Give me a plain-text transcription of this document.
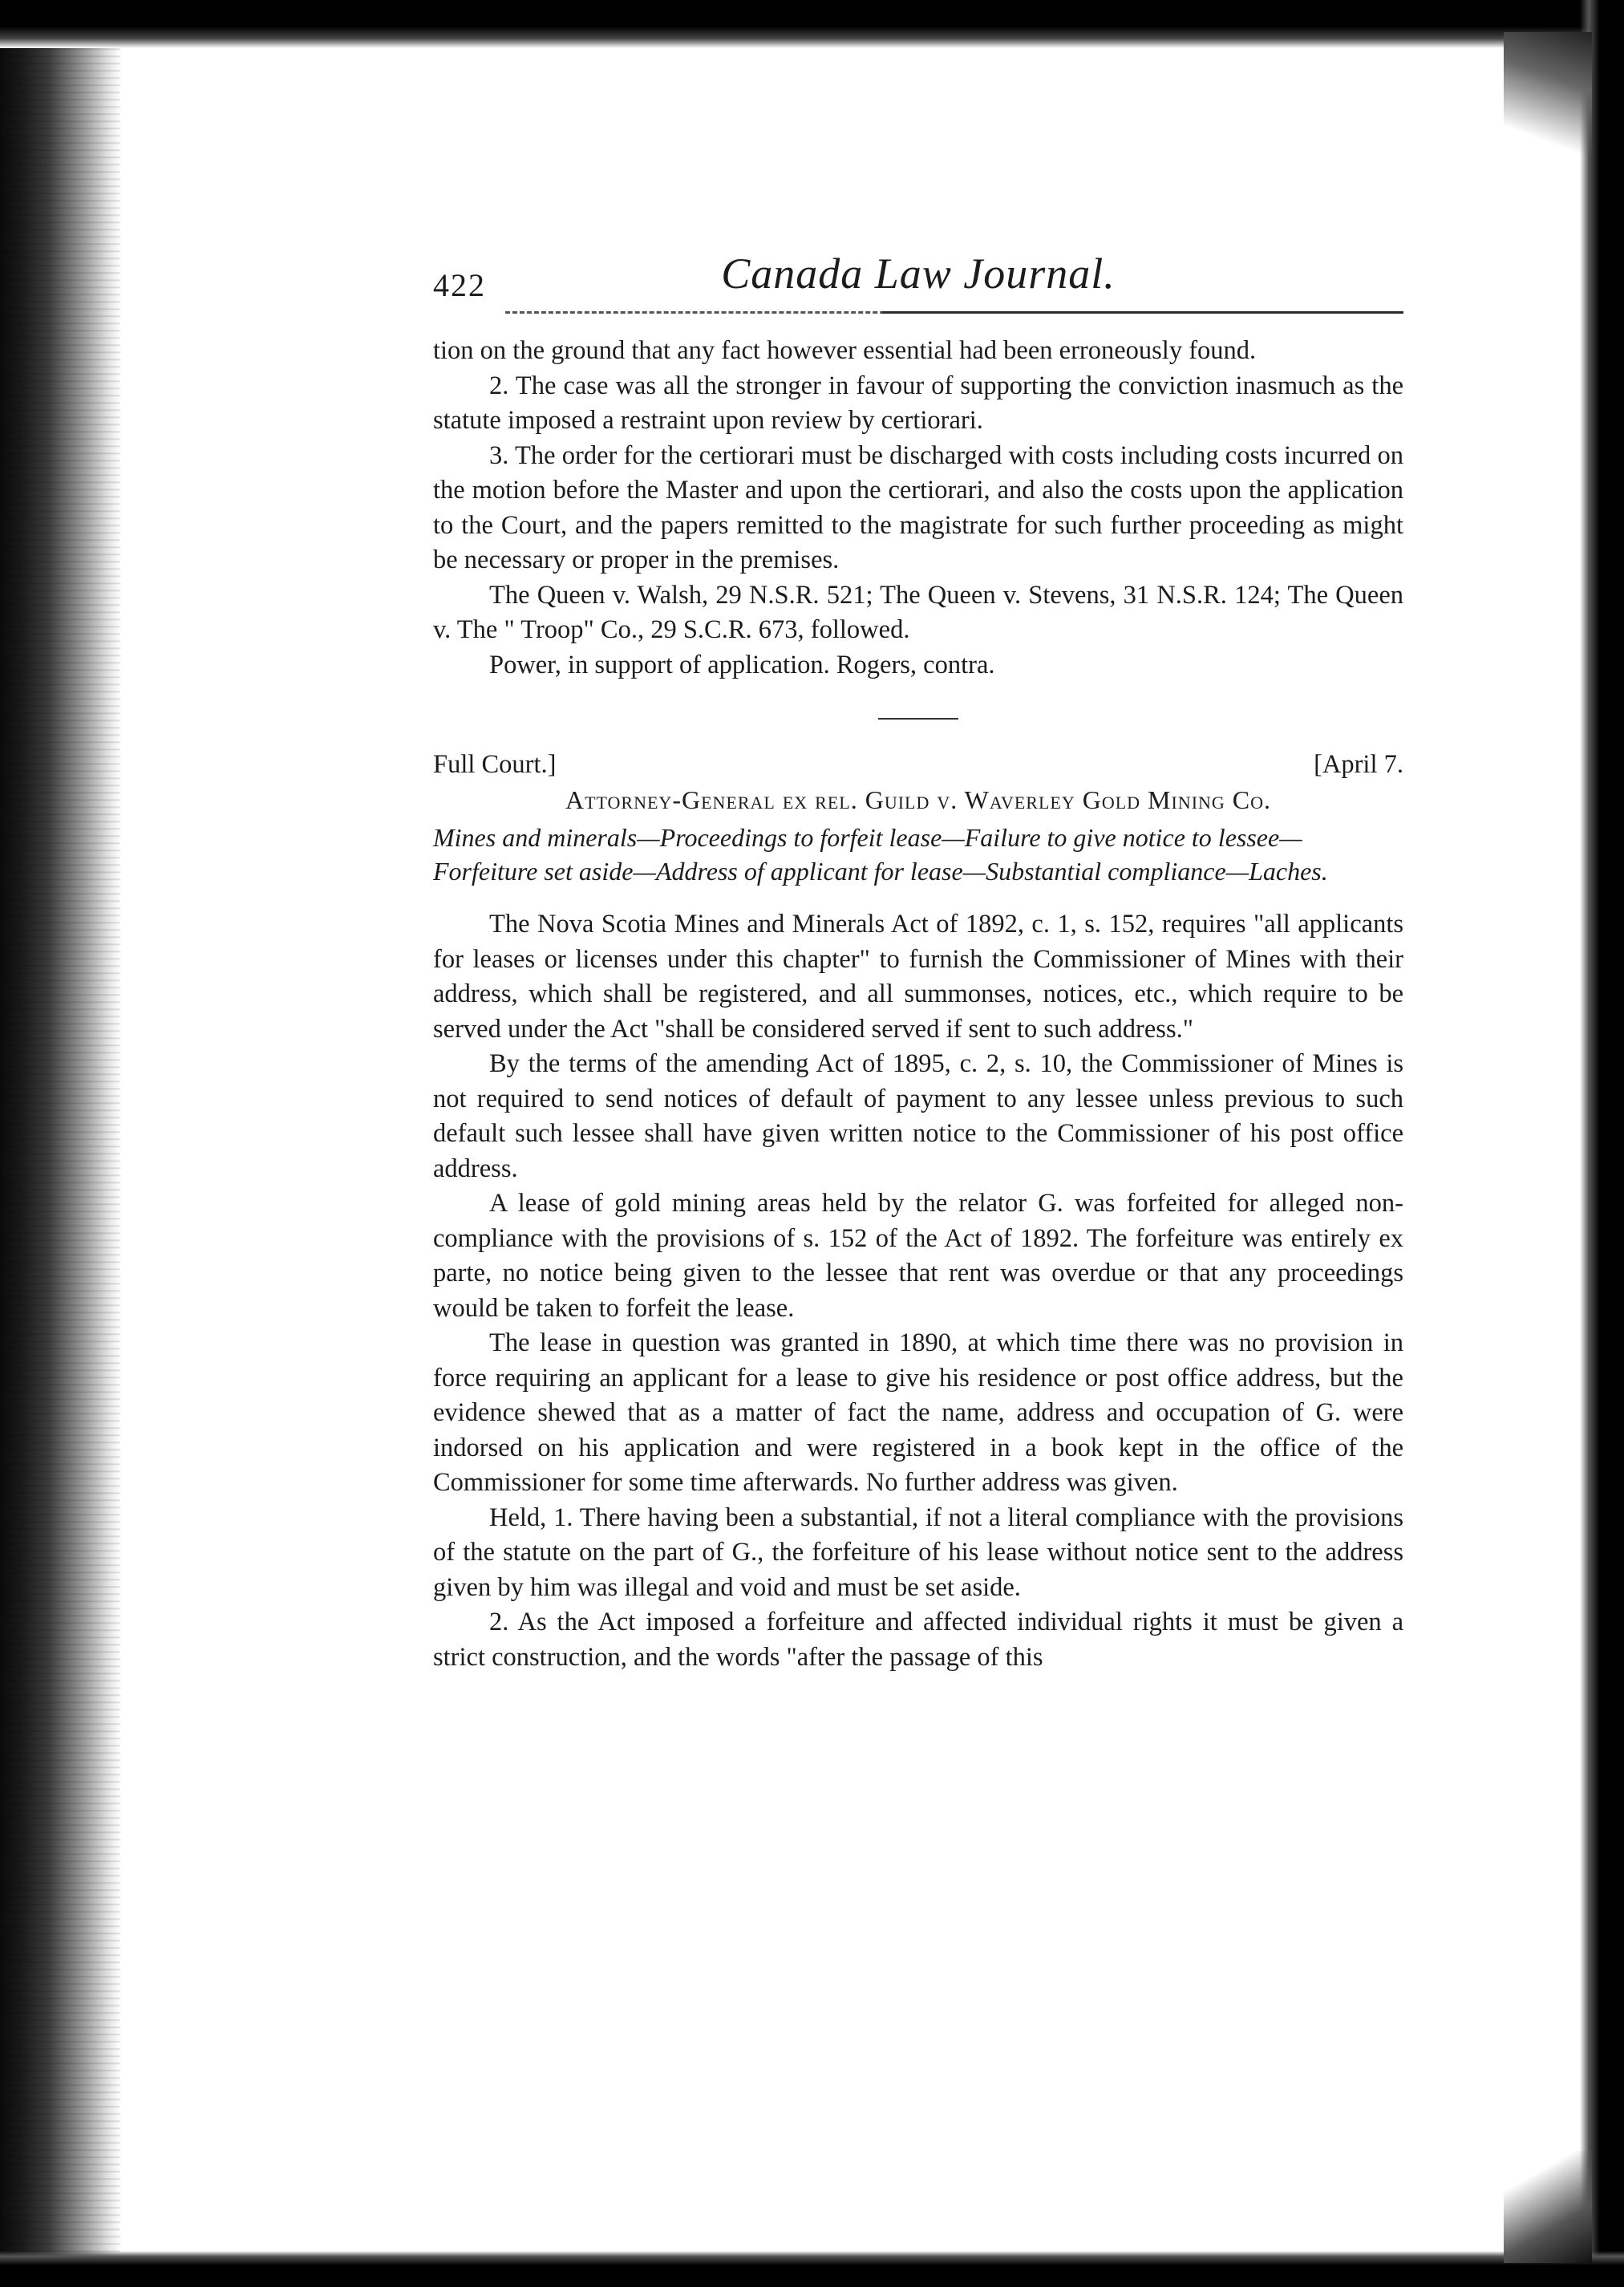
422	Canada Law Journal.

tion on the ground that any fact however essential had been erroneously found.

2. The case was all the stronger in favour of supporting the conviction inasmuch as the statute imposed a restraint upon review by certiorari.

3. The order for the certiorari must be discharged with costs including costs incurred on the motion before the Master and upon the certiorari, and also the costs upon the application to the Court, and the papers remitted to the magistrate for such further proceeding as might be necessary or proper in the premises.

The Queen v. Walsh, 29 N.S.R. 521; The Queen v. Stevens, 31 N.S.R. 124; The Queen v. The " Troop" Co., 29 S.C.R. 673, followed.

Power, in support of application. Rogers, contra.

Full Court.]	[April 7.
Attorney-General ex rel. Guild v. Waverley Gold Mining Co.

Mines and minerals—Proceedings to forfeit lease—Failure to give notice to lessee—Forfeiture set aside—Address of applicant for lease—Substantial compliance—Laches.

The Nova Scotia Mines and Minerals Act of 1892, c. 1, s. 152, requires "all applicants for leases or licenses under this chapter" to furnish the Commissioner of Mines with their address, which shall be registered, and all summonses, notices, etc., which require to be served under the Act "shall be considered served if sent to such address."

By the terms of the amending Act of 1895, c. 2, s. 10, the Commissioner of Mines is not required to send notices of default of payment to any lessee unless previous to such default such lessee shall have given written notice to the Commissioner of his post office address.

A lease of gold mining areas held by the relator G. was forfeited for alleged non-compliance with the provisions of s. 152 of the Act of 1892. The forfeiture was entirely ex parte, no notice being given to the lessee that rent was overdue or that any proceedings would be taken to forfeit the lease.

The lease in question was granted in 1890, at which time there was no provision in force requiring an applicant for a lease to give his residence or post office address, but the evidence shewed that as a matter of fact the name, address and occupation of G. were indorsed on his application and were registered in a book kept in the office of the Commissioner for some time afterwards. No further address was given.

Held, 1. There having been a substantial, if not a literal compliance with the provisions of the statute on the part of G., the forfeiture of his lease without notice sent to the address given by him was illegal and void and must be set aside.

2. As the Act imposed a forfeiture and affected individual rights it must be given a strict construction, and the words "after the passage of this
